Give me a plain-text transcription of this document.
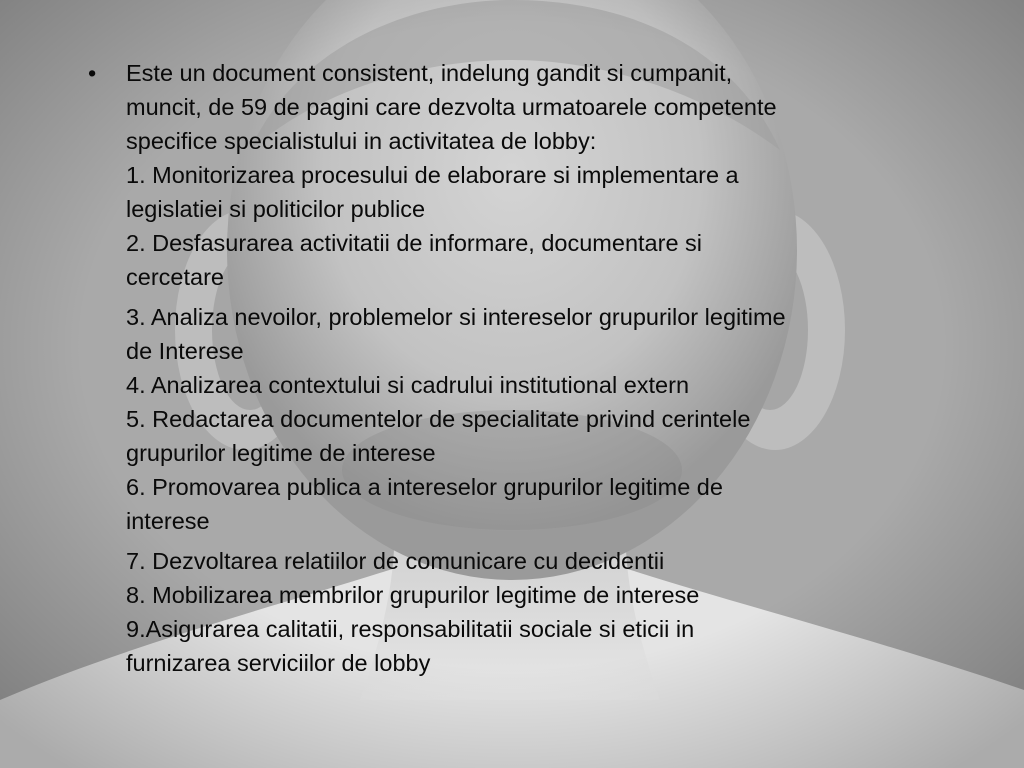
•	Este un document consistent, indelung gandit si cumpanit,
muncit, de 59 de pagini care dezvolta urmatoarele competente
specifice specialistului in activitatea de lobby:
1. Monitorizarea procesului de elaborare si implementare a
legislatiei si politicilor publice
2. Desfasurarea activitatii de informare, documentare si
cercetare
3. Analiza nevoilor, problemelor si intereselor grupurilor legitime
de Interese
4. Analizarea contextului si cadrului institutional extern
5. Redactarea documentelor de specialitate privind cerintele
grupurilor legitime de interese
6. Promovarea publica a intereselor grupurilor legitime de
interese
7. Dezvoltarea relatiilor de comunicare cu decidentii
8. Mobilizarea membrilor grupurilor legitime de interese
9.Asigurarea calitatii, responsabilitatii sociale si eticii in
furnizarea serviciilor de lobby
